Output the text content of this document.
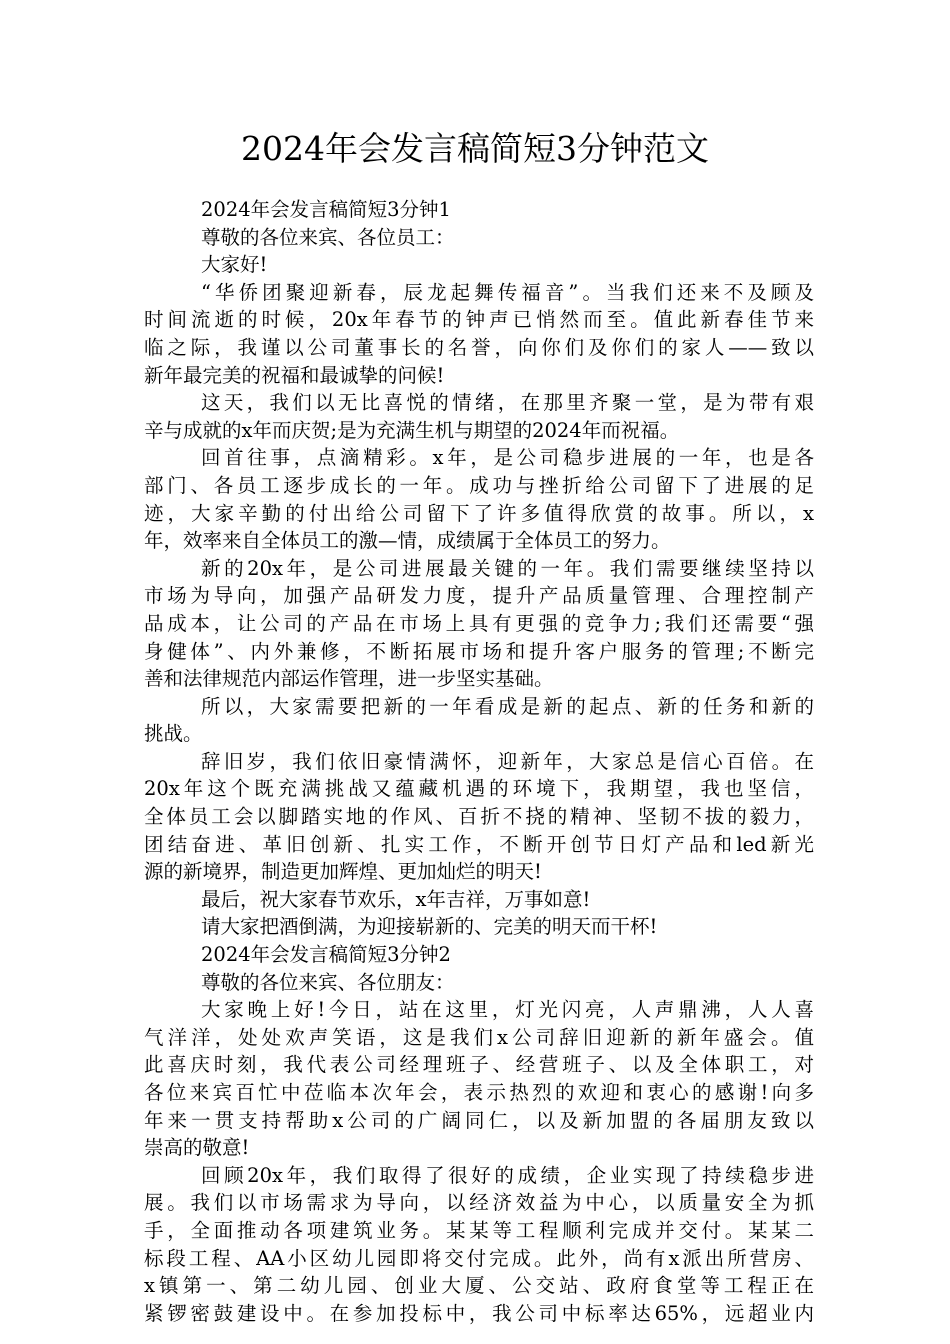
2024年会发言稿简短3分钟范文
2024年会发言稿简短3分钟1
尊敬的各位来宾、各位员工：
大家好!
“华侨团聚迎新春，辰龙起舞传福音”。当我们还来不及顾及
时间流逝的时候，20x年春节的钟声已悄然而至。值此新春佳节来
临之际，我谨以公司董事长的名誉，向你们及你们的家人——致以
新年最完美的祝福和最诚挚的问候!
这天，我们以无比喜悦的情绪，在那里齐聚一堂，是为带有艰
辛与成就的x年而庆贺;是为充满生机与期望的2024年而祝福。
回首往事，点滴精彩。x年，是公司稳步进展的一年，也是各
部门、各员工逐步成长的一年。成功与挫折给公司留下了进展的足
迹，大家辛勤的付出给公司留下了许多值得欣赏的故事。所以，x
年，效率来自全体员工的激—情，成绩属于全体员工的努力。
新的20x年，是公司进展最关键的一年。我们需要继续坚持以
市场为导向，加强产品研发力度，提升产品质量管理、合理控制产
品成本，让公司的产品在市场上具有更强的竞争力;我们还需要“强
身健体”、内外兼修，不断拓展市场和提升客户服务的管理;不断完
善和法律规范内部运作管理，进一步坚实基础。
所以，大家需要把新的一年看成是新的起点、新的任务和新的
挑战。
辞旧岁，我们依旧豪情满怀，迎新年，大家总是信心百倍。在
20x年这个既充满挑战又蕴藏机遇的环境下，我期望，我也坚信，
全体员工会以脚踏实地的作风、百折不挠的精神、坚韧不拔的毅力，
团结奋进、革旧创新、扎实工作，不断开创节日灯产品和led新光
源的新境界，制造更加辉煌、更加灿烂的明天!
最后，祝大家春节欢乐，x年吉祥，万事如意!
请大家把酒倒满，为迎接崭新的、完美的明天而干杯!
2024年会发言稿简短3分钟2
尊敬的各位来宾、各位朋友：
大家晚上好!今日，站在这里，灯光闪亮，人声鼎沸，人人喜
气洋洋，处处欢声笑语，这是我们x公司辞旧迎新的新年盛会。值
此喜庆时刻，我代表公司经理班子、经营班子、以及全体职工，对
各位来宾百忙中莅临本次年会，表示热烈的欢迎和衷心的感谢!向多
年来一贯支持帮助x公司的广阔同仁，以及新加盟的各届朋友致以
崇高的敬意!
回顾20x年，我们取得了很好的成绩，企业实现了持续稳步进
展。我们以市场需求为导向，以经济效益为中心，以质量安全为抓
手，全面推动各项建筑业务。某某等工程顺利完成并交付。某某二
标段工程、AA小区幼儿园即将交付完成。此外，尚有x派出所营房、
x镇第一、第二幼儿园、创业大厦、公交站、政府食堂等工程正在
紧锣密鼓建设中。在参加投标中，我公司中标率达65%，远超业内
